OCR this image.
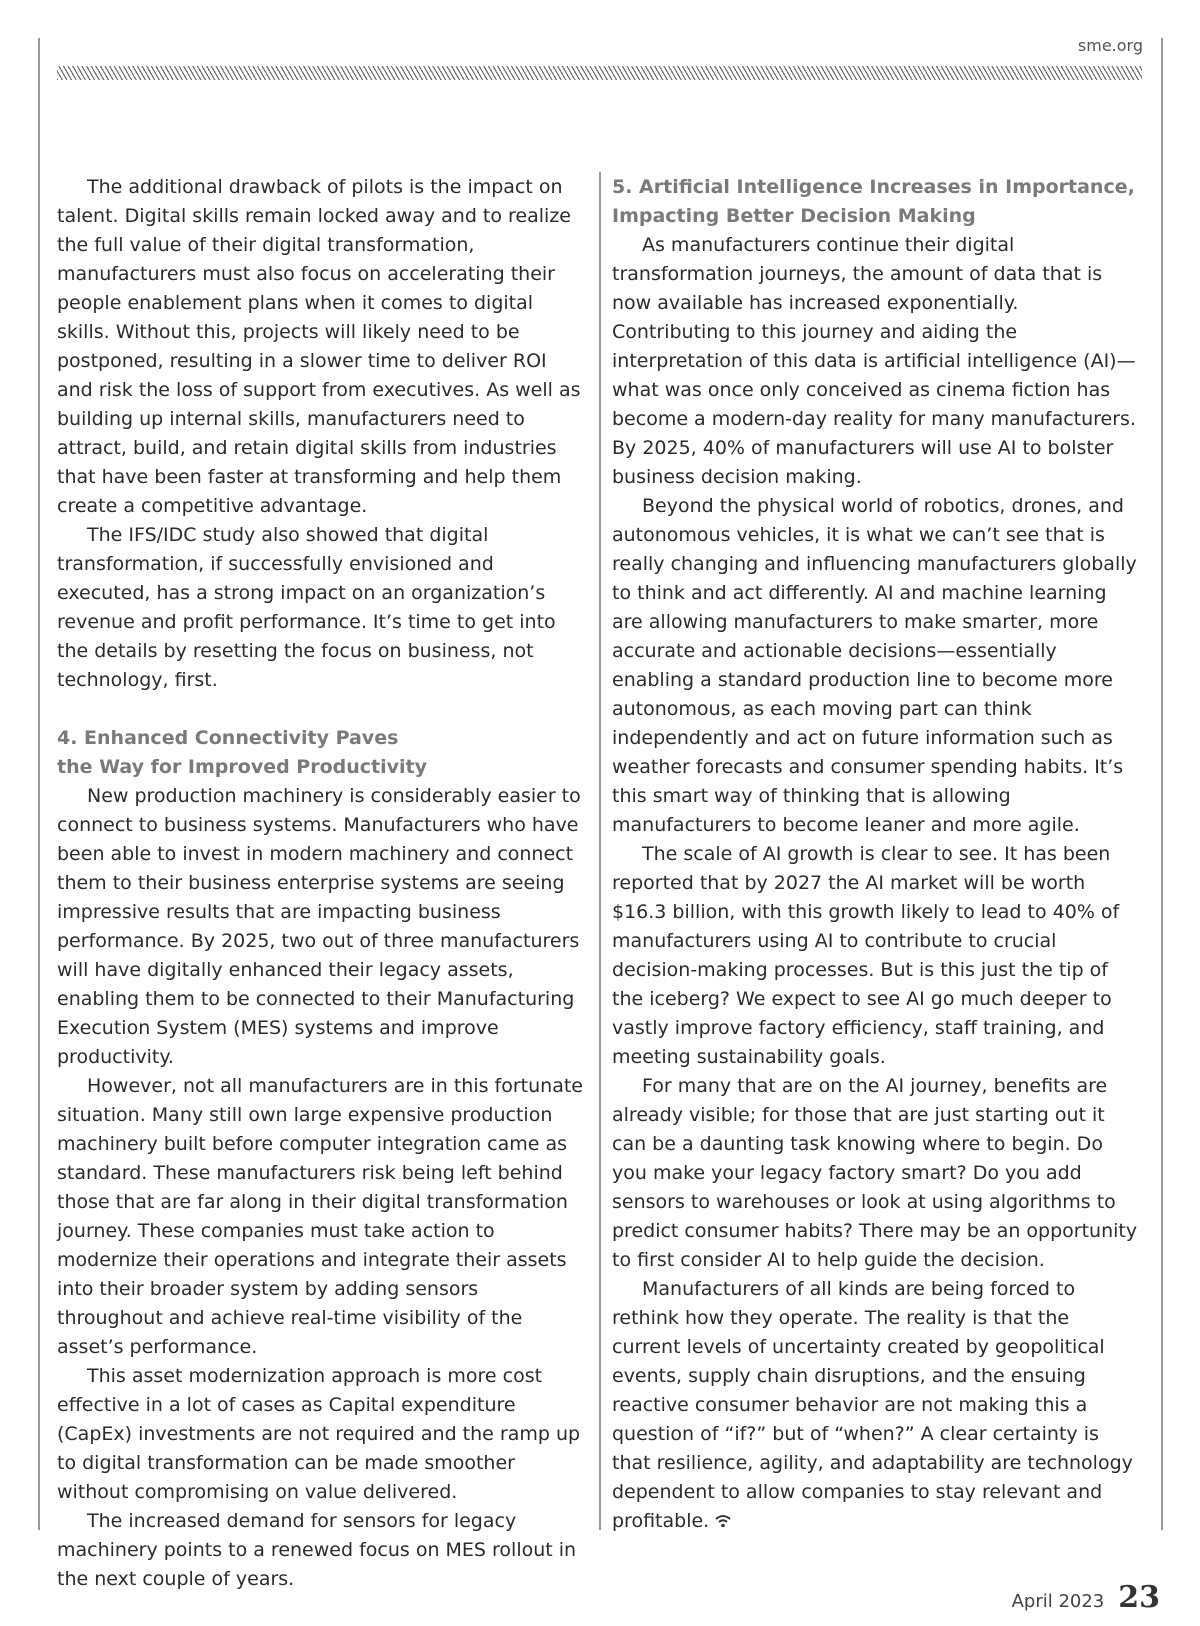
sme.org

The additional drawback of pilots is the impact on talent. Digital skills remain locked away and to realize the full value of their digital transformation, manufacturers must also focus on accelerating their people enablement plans when it comes to digital skills. Without this, projects will likely need to be postponed, resulting in a slower time to deliver ROI and risk the loss of support from executives. As well as building up internal skills, manufacturers need to attract, build, and retain digital skills from industries that have been faster at transforming and help them create a competitive advantage.

The IFS/IDC study also showed that digital transformation, if successfully envisioned and executed, has a strong impact on an organization’s revenue and profit performance. It’s time to get into the details by resetting the focus on business, not technology, first.

4. Enhanced Connectivity Paves
the Way for Improved Productivity

New production machinery is considerably easier to connect to business systems. Manufacturers who have been able to invest in modern machinery and connect them to their business enterprise systems are seeing impressive results that are impacting business performance. By 2025, two out of three manufacturers will have digitally enhanced their legacy assets, enabling them to be connected to their Manufacturing Execution System (MES) systems and improve productivity.

However, not all manufacturers are in this fortunate situation. Many still own large expensive production machinery built before computer integration came as standard. These manufacturers risk being left behind those that are far along in their digital transformation journey. These companies must take action to modernize their operations and integrate their assets into their broader system by adding sensors throughout and achieve real-time visibility of the asset’s performance.

This asset modernization approach is more cost effective in a lot of cases as Capital expenditure (CapEx) investments are not required and the ramp up to digital transformation can be made smoother without compromising on value delivered.

The increased demand for sensors for legacy machinery points to a renewed focus on MES rollout in the next couple of years.

5. Artificial Intelligence Increases in Importance,
Impacting Better Decision Making

As manufacturers continue their digital transformation journeys, the amount of data that is now available has increased exponentially. Contributing to this journey and aiding the interpretation of this data is artificial intelligence (AI)—what was once only conceived as cinema fiction has become a modern-day reality for many manufacturers. By 2025, 40% of manufacturers will use AI to bolster business decision making.

Beyond the physical world of robotics, drones, and autonomous vehicles, it is what we can’t see that is really changing and influencing manufacturers globally to think and act differently. AI and machine learning are allowing manufacturers to make smarter, more accurate and actionable decisions—essentially enabling a standard production line to become more autonomous, as each moving part can think independently and act on future information such as weather forecasts and consumer spending habits. It’s this smart way of thinking that is allowing manufacturers to become leaner and more agile.

The scale of AI growth is clear to see. It has been reported that by 2027 the AI market will be worth $16.3 billion, with this growth likely to lead to 40% of manufacturers using AI to contribute to crucial decision-making processes. But is this just the tip of the iceberg? We expect to see AI go much deeper to vastly improve factory efficiency, staff training, and meeting sustainability goals.

For many that are on the AI journey, benefits are already visible; for those that are just starting out it can be a daunting task knowing where to begin. Do you make your legacy factory smart? Do you add sensors to warehouses or look at using algorithms to predict consumer habits? There may be an opportunity to first consider AI to help guide the decision.

Manufacturers of all kinds are being forced to rethink how they operate. The reality is that the current levels of uncertainty created by geopolitical events, supply chain disruptions, and the ensuing reactive consumer behavior are not making this a question of “if?” but of “when?” A clear certainty is that resilience, agility, and adaptability are technology dependent to allow companies to stay relevant and profitable.

April 2023 23
